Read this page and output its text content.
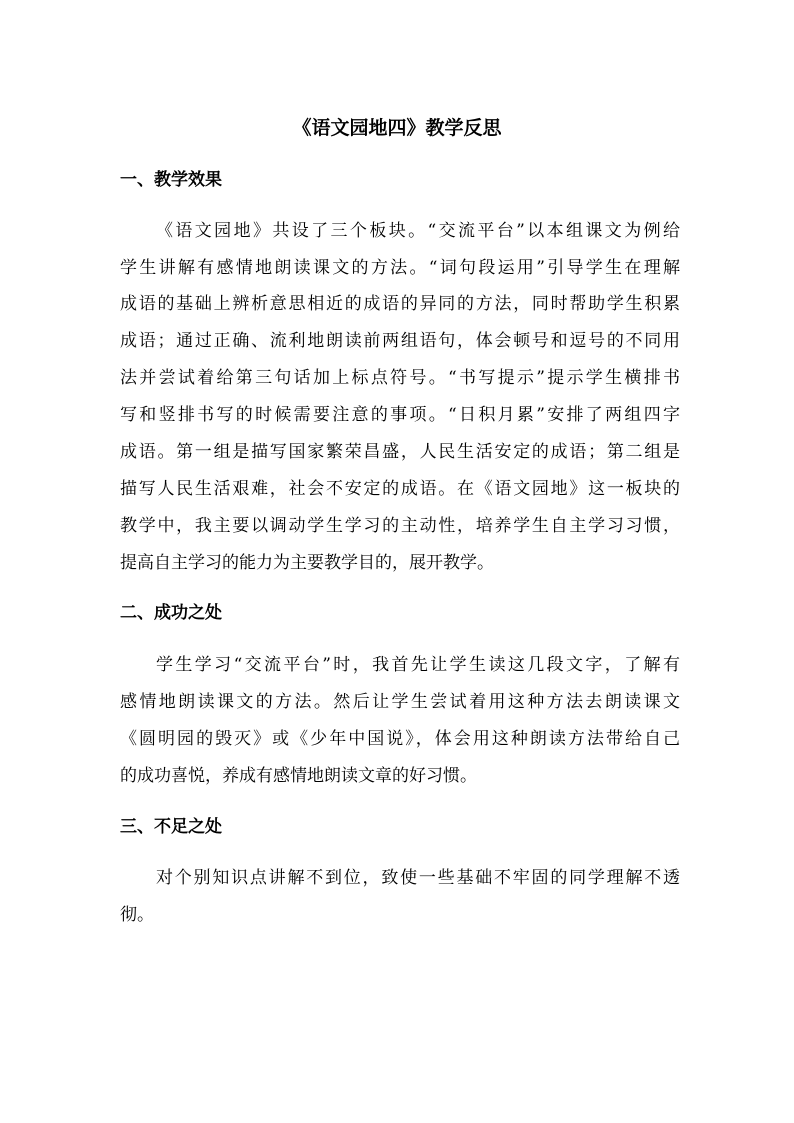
《语文园地四》教学反思
一、教学效果
《语文园地》共设了三个板块。“交流平台”以本组课文为例给
学生讲解有感情地朗读课文的方法。“词句段运用”引导学生在理解
成语的基础上辨析意思相近的成语的异同的方法，同时帮助学生积累
成语；通过正确、流利地朗读前两组语句，体会顿号和逗号的不同用
法并尝试着给第三句话加上标点符号。“书写提示”提示学生横排书
写和竖排书写的时候需要注意的事项。“日积月累”安排了两组四字
成语。第一组是描写国家繁荣昌盛，人民生活安定的成语；第二组是
描写人民生活艰难，社会不安定的成语。在《语文园地》这一板块的
教学中，我主要以调动学生学习的主动性，培养学生自主学习习惯，
提高自主学习的能力为主要教学目的，展开教学。
二、成功之处
学生学习“交流平台”时，我首先让学生读这几段文字，了解有
感情地朗读课文的方法。然后让学生尝试着用这种方法去朗读课文
《圆明园的毁灭》或《少年中国说》，体会用这种朗读方法带给自己
的成功喜悦，养成有感情地朗读文章的好习惯。
三、不足之处
对个别知识点讲解不到位，致使一些基础不牢固的同学理解不透
彻。
